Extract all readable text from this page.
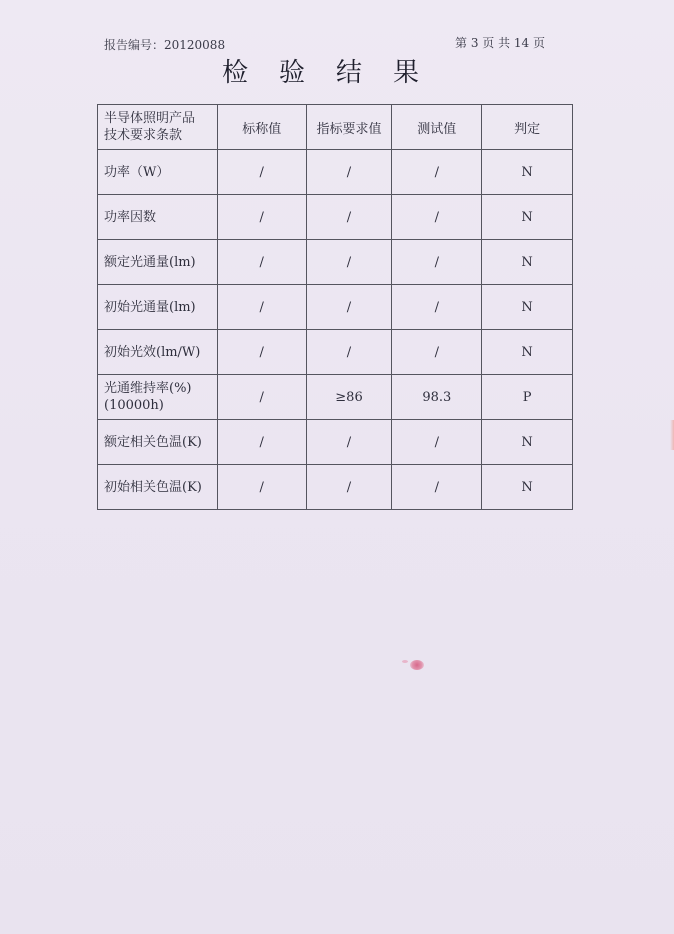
报告编号：20120088	第 3 页 共 14 页
检 验 结 果
半导体照明产品
技术要求条款	标称值	指标要求值	测试值	判定

功率（W）	/	/	/	N

功率因数	/	/	/	N

额定光通量(lm)	/	/	/	N

初始光通量(lm)	/	/	/	N

初始光效(lm/W)	/	/	/	N

光通维持率(%)
(10000h)	/	≥86	98.3	P

额定相关色温(K)	/	/	/	N

初始相关色温(K)	/	/	/	N
